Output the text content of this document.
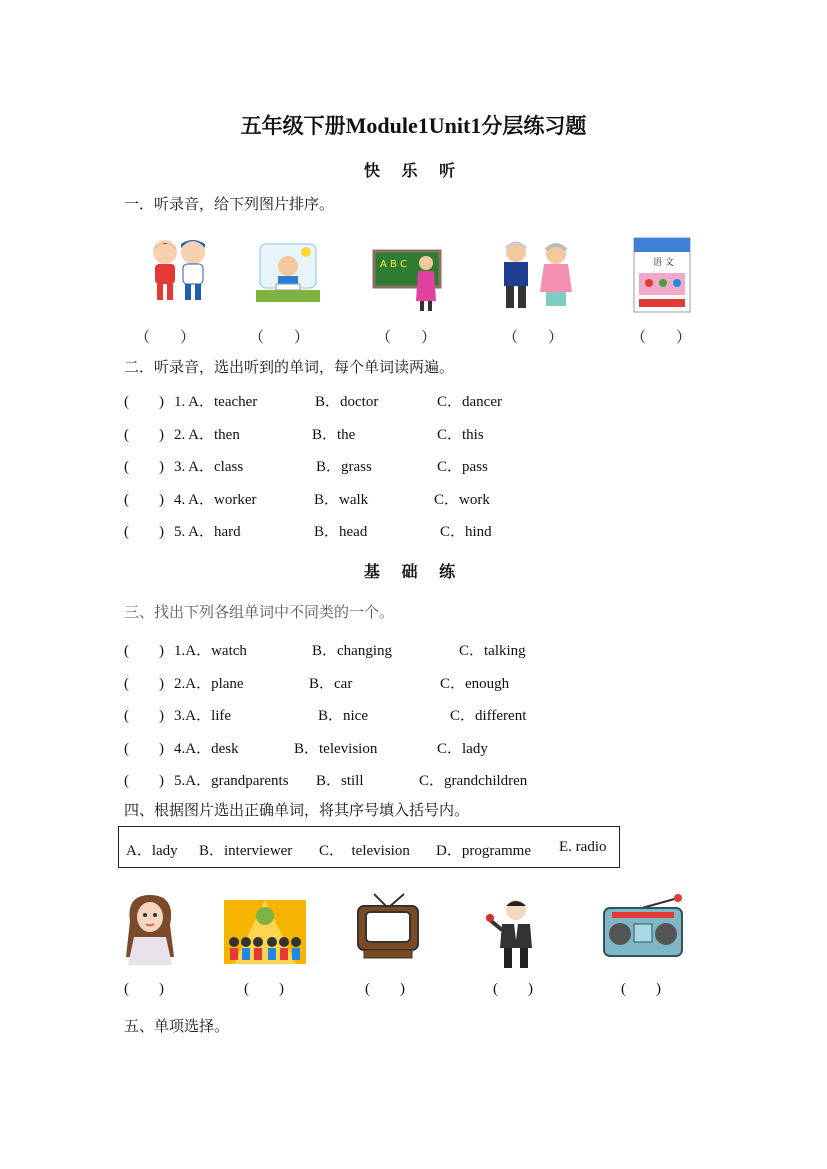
五年级下册Module1Unit1分层练习题
快 乐 听
一．听录音，给下列图片排序。
A B C	语 文
（　　）	（　　）	（　　）	（　　）	（　　）
二．听录音，选出听到的单词，每个单词读两遍。
(　　) 1. A．teacher	B．doctor	C．dancer
(　　) 2. A．then	B．the	C．this
(　　) 3. A．class	B．grass	C．pass
(　　) 4. A．worker	B．walk	C．work
(　　) 5. A．hard	B．head	C．hind
基 础 练
三、找出下列各组单词中不同类的一个。
(　　) 1.A．watch	B．changing	C．talking
(　　) 2.A．plane	B．car	C．enough
(　　) 3.A．life	B．nice	C．different
(　　) 4.A．desk	B．television	C．lady
(　　) 5.A．grandparents B．still	C．grandchildren
四、根据图片选出正确单词，将其序号填入括号内。
A．lady B．interviewer C．　television D．programme E. radio
(　　)	(　　)	(　　)	(　　)	(　　)
五、单项选择。
